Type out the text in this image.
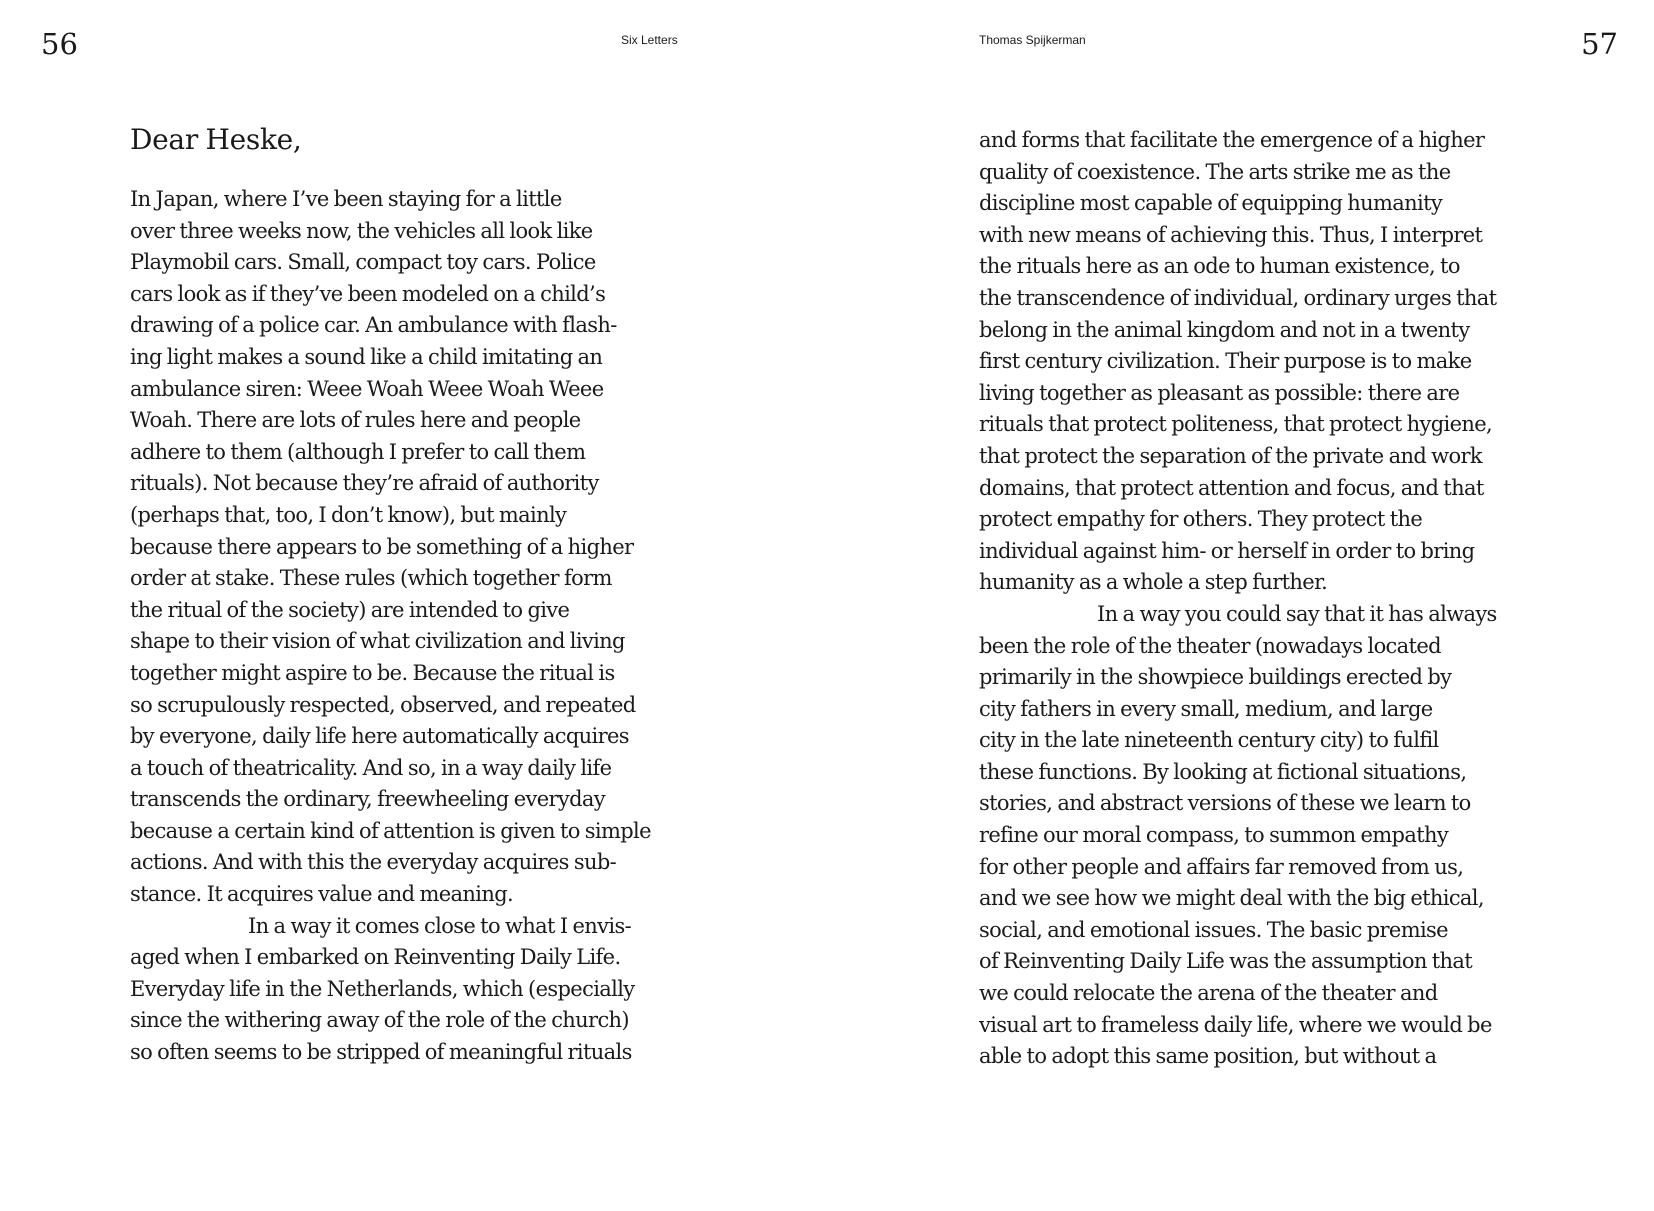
56	Six Letters	Thomas Spijkerman	57
Dear Heske,
In Japan, where I’ve been staying for a little
over three weeks now, the vehicles all look like
Playmobil cars. Small, compact toy cars. Police
cars look as if they’ve been modeled on a child’s
drawing of a police car. An ambulance with flash-
ing light makes a sound like a child imitating an
ambulance siren: Weee Woah Weee Woah Weee
Woah. There are lots of rules here and people
adhere to them (although I prefer to call them
rituals). Not because they’re afraid of authority
(perhaps that, too, I don’t know), but mainly
because there appears to be something of a higher
order at stake. These rules (which together form
the ritual of the society) are intended to give
shape to their vision of what civilization and living
together might aspire to be. Because the ritual is
so scrupulously respected, observed, and repeated
by everyone, daily life here automatically acquires
a touch of theatricality. And so, in a way daily life
transcends the ordinary, freewheeling everyday
because a certain kind of attention is given to simple
actions. And with this the everyday acquires sub-
stance. It acquires value and meaning.
In a way it comes close to what I envis-
aged when I embarked on Reinventing Daily Life.
Everyday life in the Netherlands, which (especially
since the withering away of the role of the church)
so often seems to be stripped of meaningful rituals
and forms that facilitate the emergence of a higher
quality of coexistence. The arts strike me as the
discipline most capable of equipping humanity
with new means of achieving this. Thus, I interpret
the rituals here as an ode to human existence, to
the transcendence of individual, ordinary urges that
belong in the animal kingdom and not in a twenty
first century civilization. Their purpose is to make
living together as pleasant as possible: there are
rituals that protect politeness, that protect hygiene,
that protect the separation of the private and work
domains, that protect attention and focus, and that
protect empathy for others. They protect the
individual against him- or herself in order to bring
humanity as a whole a step further.
In a way you could say that it has always
been the role of the theater (nowadays located
primarily in the showpiece buildings erected by
city fathers in every small, medium, and large
city in the late nineteenth century city) to fulfil
these functions. By looking at fictional situations,
stories, and abstract versions of these we learn to
refine our moral compass, to summon empathy
for other people and affairs far removed from us,
and we see how we might deal with the big ethical,
social, and emotional issues. The basic premise
of Reinventing Daily Life was the assumption that
we could relocate the arena of the theater and
visual art to frameless daily life, where we would be
able to adopt this same position, but without a
